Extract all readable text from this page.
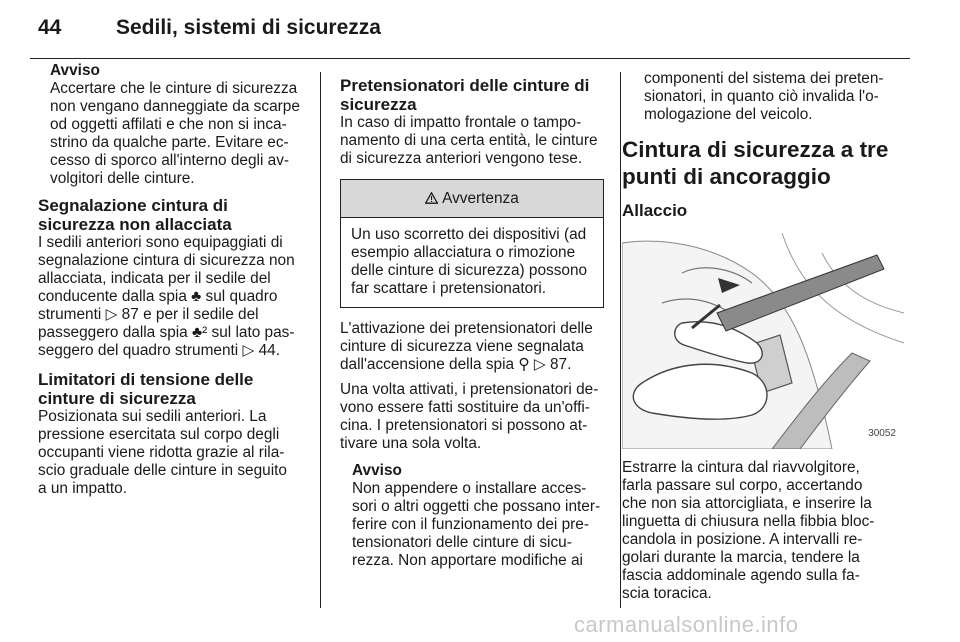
44	Sedili, sistemi di sicurezza

Avviso

Accertare che le cinture di sicurezza

non vengano danneggiate da scarpe

od oggetti affilati e che non si inca-

strino da qualche parte. Evitare ec-

cesso di sporco all'interno degli av-

volgitori delle cinture.

Segnalazione cintura di
sicurezza non allacciata

I sedili anteriori sono equipaggiati di

segnalazione cintura di sicurezza non

allacciata, indicata per il sedile del

conducente dalla spia ♣ sul quadro

strumenti ▷ 87 e per il sedile del

passeggero dalla spia ♣² sul lato pas-

seggero del quadro strumenti ▷ 44.

Limitatori di tensione delle
cinture di sicurezza

Posizionata sui sedili anteriori. La

pressione esercitata sul corpo degli

occupanti viene ridotta grazie al rila-

scio graduale delle cinture in seguito

a un impatto.

Pretensionatori delle cinture di
sicurezza

In caso di impatto frontale o tampo-

namento di una certa entità, le cinture

di sicurezza anteriori vengono tese.

Avvertenza

Un uso scorretto dei dispositivi (ad

esempio allacciatura o rimozione

delle cinture di sicurezza) possono

far scattare i pretensionatori.

L'attivazione dei pretensionatori delle

cinture di sicurezza viene segnalata

dall'accensione della spia ⚲ ▷ 87.

Una volta attivati, i pretensionatori de-

vono essere fatti sostituire da un'offi-

cina. I pretensionatori si possono at-

tivare una sola volta.

Avviso

Non appendere o installare acces-

sori o altri oggetti che possano inter-

ferire con il funzionamento dei pre-

tensionatori delle cinture di sicu-

rezza. Non apportare modifiche ai

componenti del sistema dei preten-

sionatori, in quanto ciò invalida l'o-

mologazione del veicolo.

Cintura di sicurezza a tre
punti di ancoraggio
Allaccio
30052

Estrarre la cintura dal riavvolgitore,

farla passare sul corpo, accertando

che non sia attorcigliata, e inserire la

linguetta di chiusura nella fibbia bloc-

candola in posizione. A intervalli re-

golari durante la marcia, tendere la

fascia addominale agendo sulla fa-

scia toracica.

carmanualsonline.info
